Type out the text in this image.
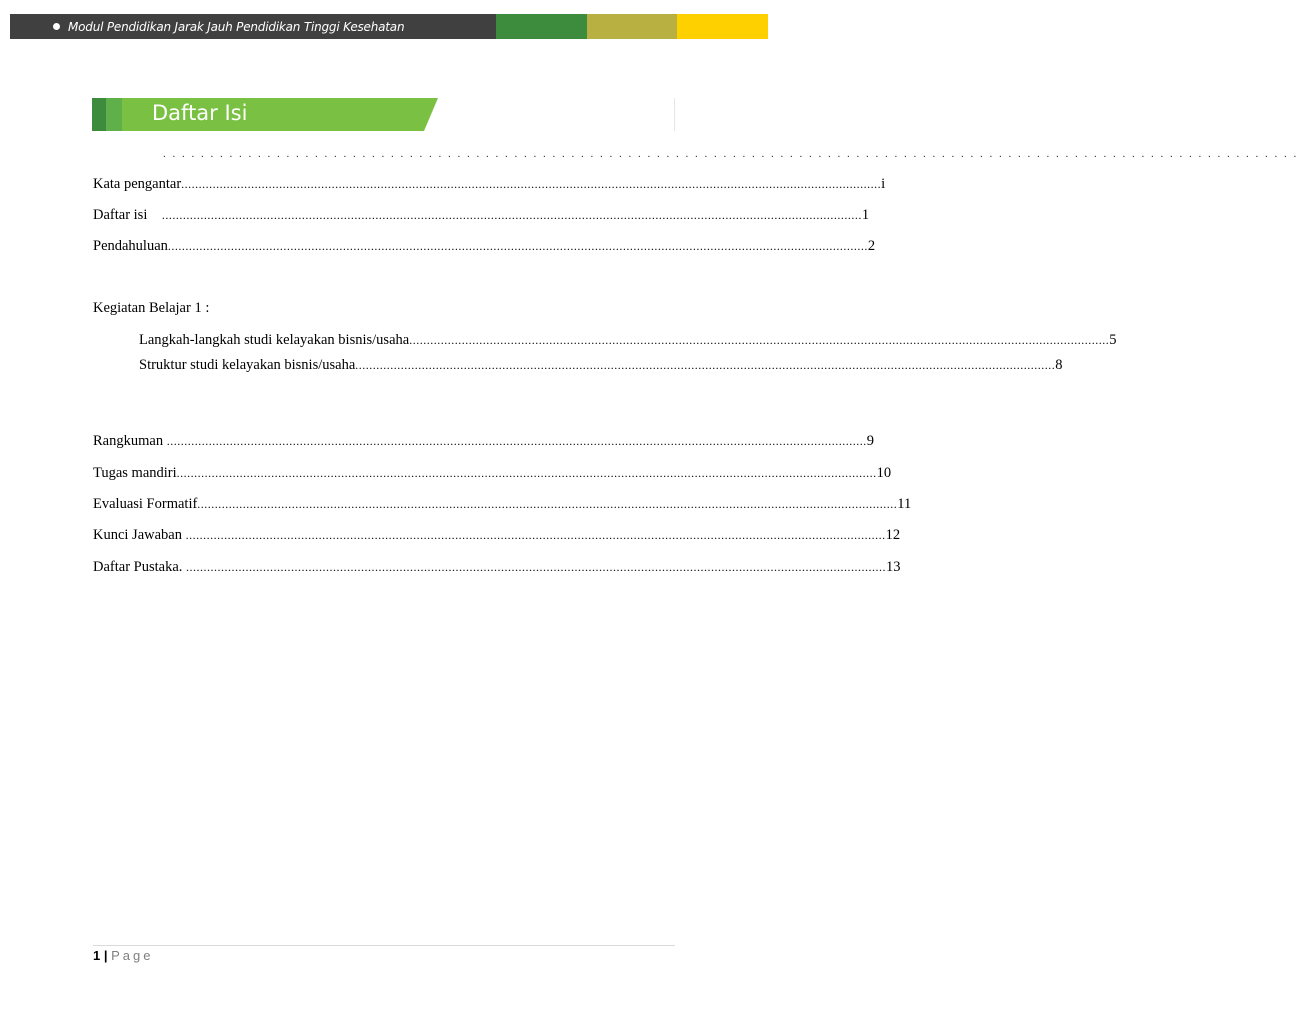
Modul Pendidikan Jarak Jauh Pendidikan Tinggi Kesehatan
Daftar Isi
. . . . . . . . . . . . . . . . . . . . . . . . . . . . . . . . . . . . . . . . . . . . . . . . . . . . . . . . . . . . . . . . . . . . . . . . . . . . . . . . . . . . . . . . . . . . . . . . . . . . . . . . . . . . . . . . . . . . . . . .
Kata pengantar ........................................................................................................................................................................................................ i
Daftar isi ........................................................................................................................................................................................................ 1
Pendahuluan ........................................................................................................................................................................................................ 2
Kegiatan Belajar 1 :
Langkah-langkah studi kelayakan bisnis/usaha ........................................................................................................................................................................................................ 5
Struktur studi kelayakan bisnis/usaha ........................................................................................................................................................................................................ 8
Rangkuman ........................................................................................................................................................................................................ 9
Tugas mandiri ........................................................................................................................................................................................................ 10
Evaluasi Formatif ........................................................................................................................................................................................................ 11
Kunci Jawaban ........................................................................................................................................................................................................ 12
Daftar Pustaka. ........................................................................................................................................................................................................ 13
1 | Page
